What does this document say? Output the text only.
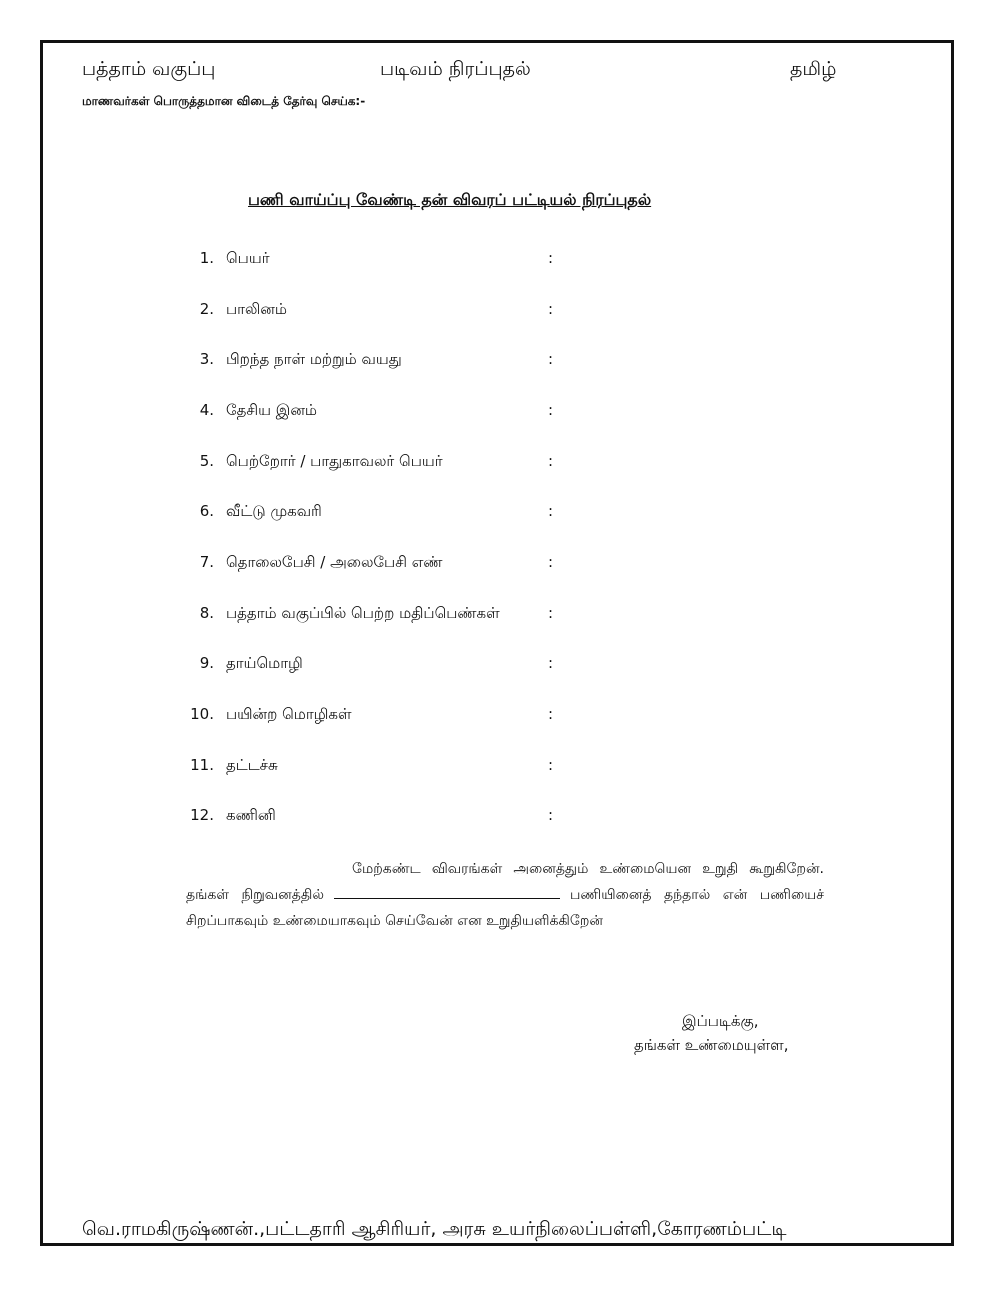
பத்தாம் வகுப்பு	படிவம் நிரப்புதல்	தமிழ்
மாணவர்கள் பொருத்தமான விடைத் தேர்வு செய்க:-
பணி வாய்ப்பு வேண்டி தன் விவரப் பட்டியல் நிரப்புதல்
1. பெயர்	:
2. பாலினம்	:
3. பிறந்த நாள் மற்றும் வயது	:
4. தேசிய இனம்	:
5. பெற்றோர் / பாதுகாவலர் பெயர்	:
6. வீட்டு முகவரி	:
7. தொலைபேசி / அலைபேசி எண்	:
8. பத்தாம் வகுப்பில் பெற்ற மதிப்பெண்கள்	:
9. தாய்மொழி	:
10. பயின்ற மொழிகள்	:
11. தட்டச்சு	:
12. கணினி	:

மேற்கண்ட விவரங்கள் அனைத்தும் உண்மையென உறுதி கூறுகிறேன். தங்கள் நிறுவனத்தில்	பணியினைத் தந்தால் என் பணியைச் சிறப்பாகவும் உண்மையாகவும் செய்வேன் என உறுதியளிக்கிறேன்

இப்படிக்கு,
தங்கள் உண்மையுள்ள,
வெ.ராமகிருஷ்ணன்.,பட்டதாரி ஆசிரியர், அரசு உயர்நிலைப்பள்ளி,கோரணம்பட்டி
